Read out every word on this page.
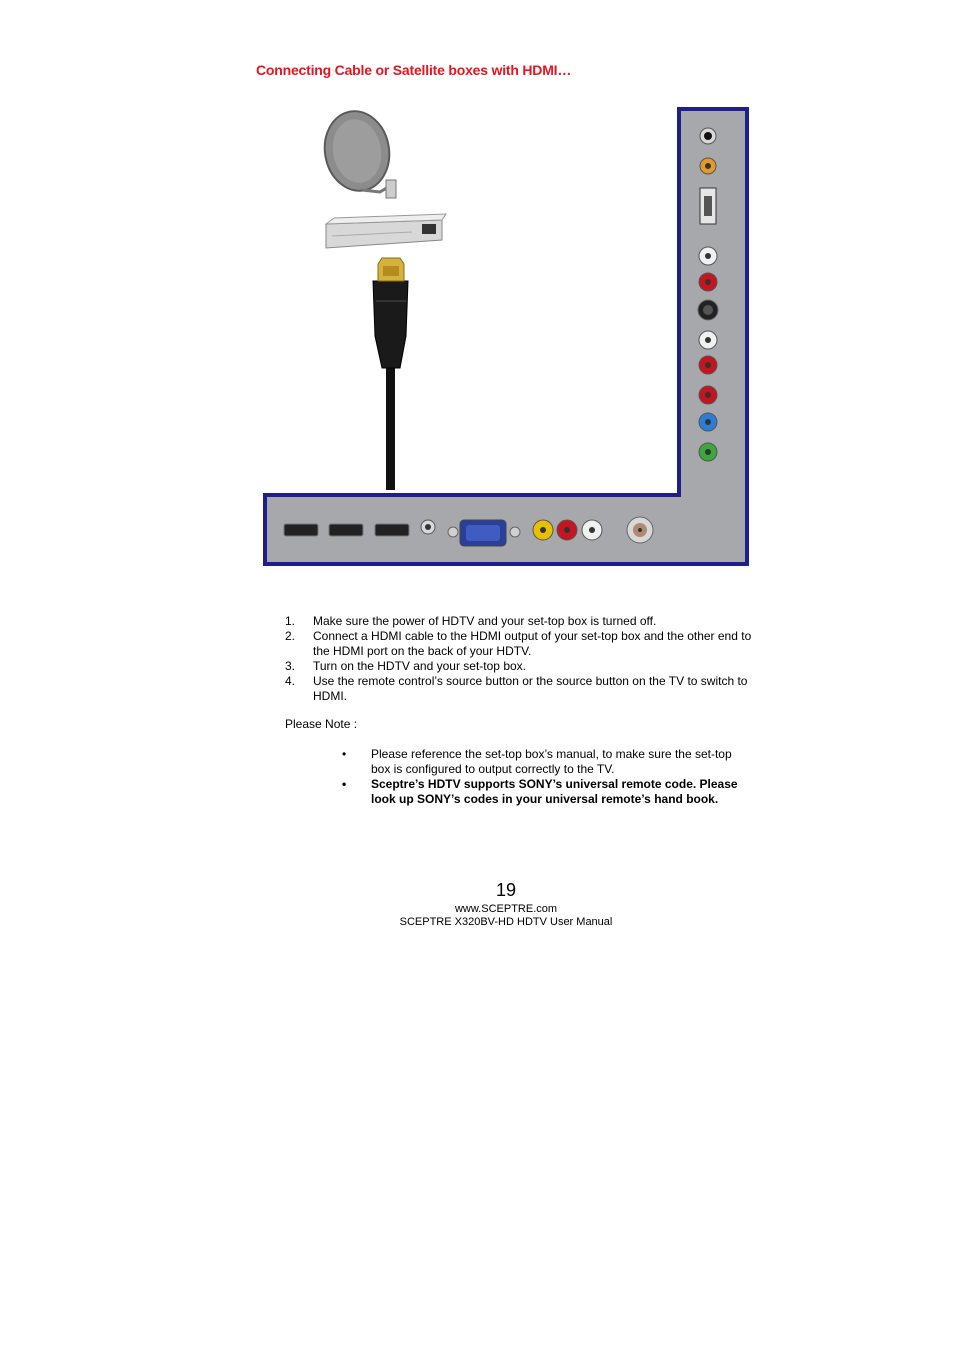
Connecting Cable or Satellite boxes with HDMI…
1. Make sure the power of HDTV and your set-top box is turned off.
2. Connect a HDMI cable to the HDMI output of your set-top box and the other end to the HDMI port on the back of your HDTV.
3. Turn on the HDTV and your set-top box.
4. Use the remote control’s source button or the source button on the TV to switch to HDMI.
Please Note :
• Please reference the set-top box’s manual, to make sure the set-top box is configured to output correctly to the TV.
• Sceptre’s HDTV supports SONY’s universal remote code. Please look up SONY’s codes in your universal remote’s hand book.
19
www.SCEPTRE.com
SCEPTRE X320BV-HD HDTV User Manual
